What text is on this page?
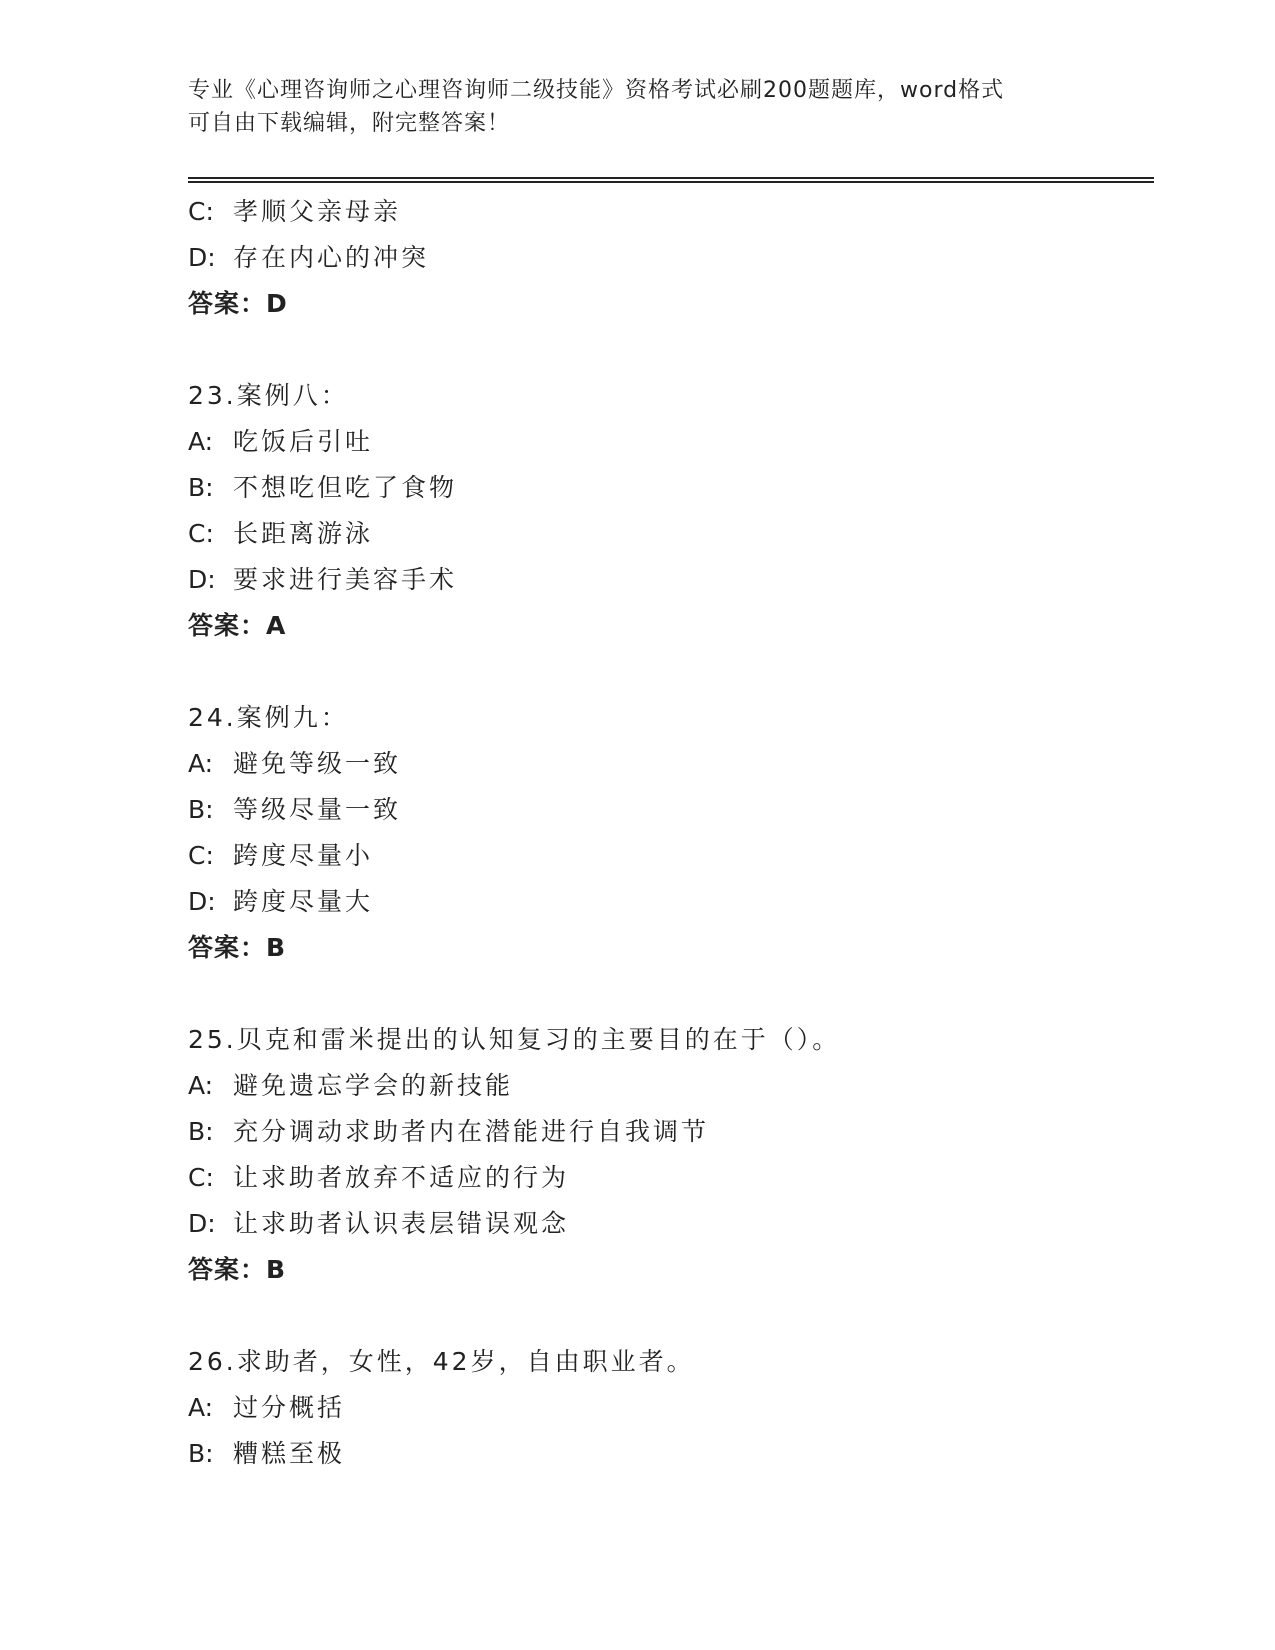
专业《心理咨询师之心理咨询师二级技能》资格考试必刷200题题库，word格式
可自由下载编辑，附完整答案！
C: 孝顺父亲母亲
D: 存在内心的冲突
答案：D
23.案例八：
A: 吃饭后引吐
B: 不想吃但吃了食物
C: 长距离游泳
D: 要求进行美容手术
答案：A
24.案例九：
A: 避免等级一致
B: 等级尽量一致
C: 跨度尽量小
D: 跨度尽量大
答案：B
25.贝克和雷米提出的认知复习的主要目的在于（）。
A: 避免遗忘学会的新技能
B: 充分调动求助者内在潜能进行自我调节
C: 让求助者放弃不适应的行为
D: 让求助者认识表层错误观念
答案：B
26.求助者，女性，42岁，自由职业者。
A: 过分概括
B: 糟糕至极
